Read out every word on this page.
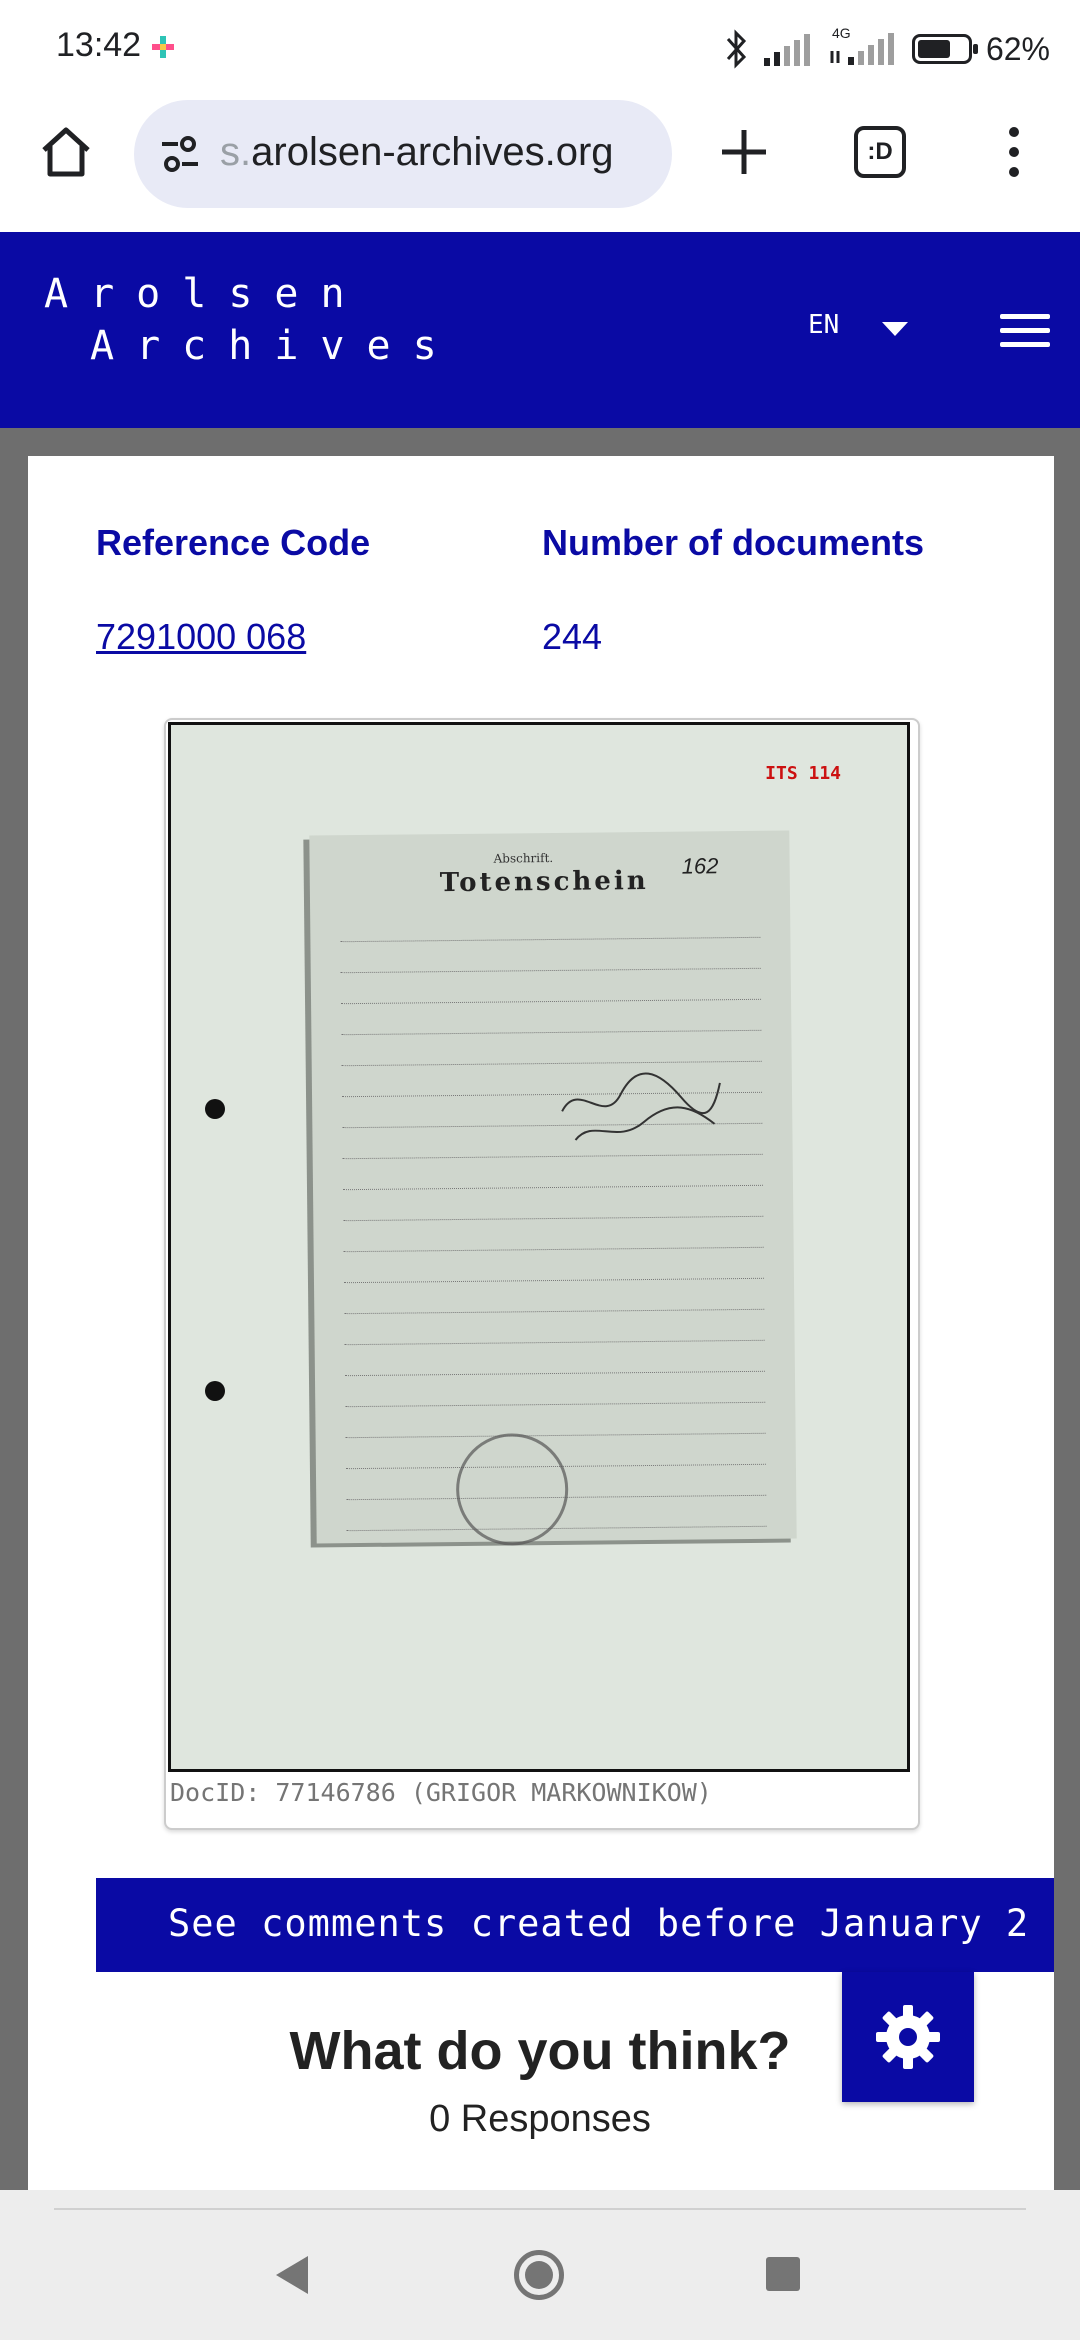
13:42	4G	62%
s.arolsen-archives.org	:D
Arolsen
Archives	EN
Reference Code	Number of documents
7291000 068	244
ITS 114
Abschrift.
Totenschein
162
DocID: 77146786 (GRIGOR MARKOWNIKOW)
See comments created before January 2
What do you think?
0 Responses
